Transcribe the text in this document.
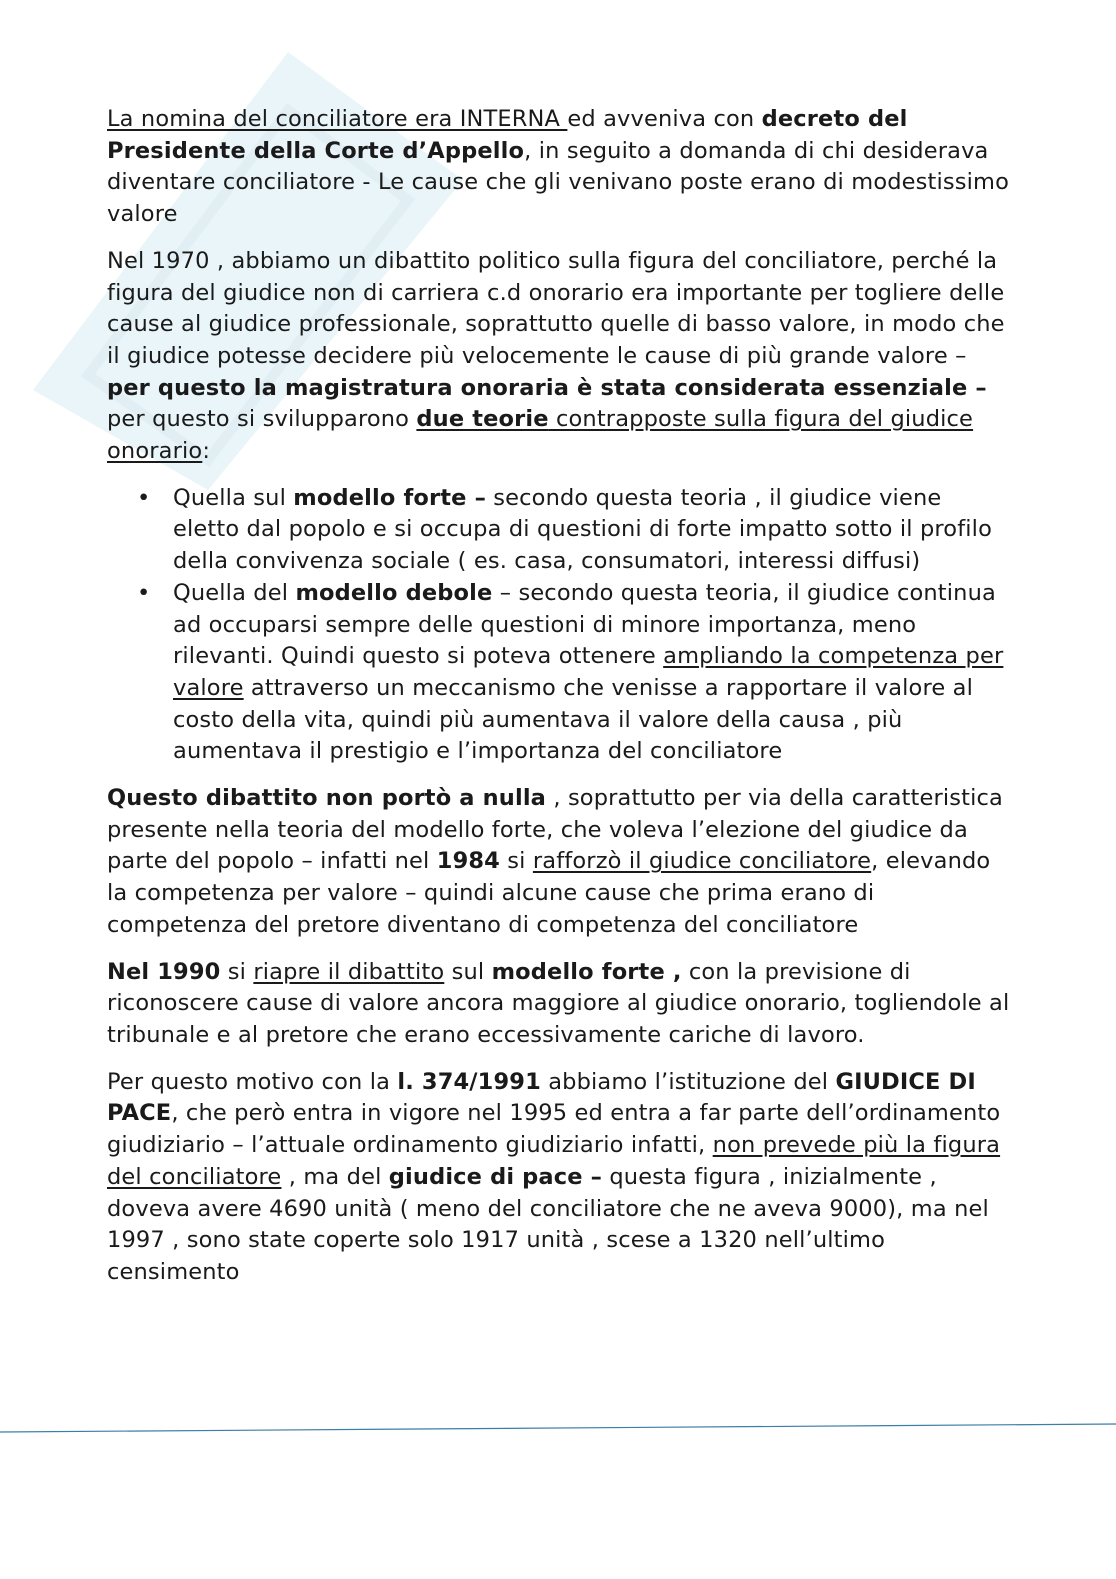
La nomina del conciliatore era INTERNA ed avveniva con decreto del Presidente della Corte d’Appello, in seguito a domanda di chi desiderava diventare conciliatore - Le cause che gli venivano poste erano di modestissimo valore

Nel 1970 , abbiamo un dibattito politico sulla figura del conciliatore, perché la figura del giudice non di carriera c.d onorario era importante per togliere delle cause al giudice professionale, soprattutto quelle di basso valore, in modo che il giudice potesse decidere più velocemente le cause di più grande valore – per questo la magistratura onoraria è stata considerata essenziale – per questo si svilupparono due teorie contrapposte sulla figura del giudice onorario:

• Quella sul modello forte – secondo questa teoria , il giudice viene eletto dal popolo e si occupa di questioni di forte impatto sotto il profilo della convivenza sociale ( es. casa, consumatori, interessi diffusi)
• Quella del modello debole – secondo questa teoria, il giudice continua ad occuparsi sempre delle questioni di minore importanza, meno rilevanti. Quindi questo si poteva ottenere ampliando la competenza per valore attraverso un meccanismo che venisse a rapportare il valore al costo della vita, quindi più aumentava il valore della causa , più aumentava il prestigio e l’importanza del conciliatore

Questo dibattito non portò a nulla , soprattutto per via della caratteristica presente nella teoria del modello forte, che voleva l’elezione del giudice da parte del popolo – infatti nel 1984 si rafforzò il giudice conciliatore, elevando la competenza per valore – quindi alcune cause che prima erano di competenza del pretore diventano di competenza del conciliatore

Nel 1990 si riapre il dibattito sul modello forte , con la previsione di riconoscere cause di valore ancora maggiore al giudice onorario, togliendole al tribunale e al pretore che erano eccessivamente cariche di lavoro.

Per questo motivo con la l. 374/1991 abbiamo l’istituzione del GIUDICE DI PACE, che però entra in vigore nel 1995 ed entra a far parte dell’ordinamento giudiziario – l’attuale ordinamento giudiziario infatti, non prevede più la figura del conciliatore , ma del giudice di pace – questa figura , inizialmente , doveva avere 4690 unità ( meno del conciliatore che ne aveva 9000), ma nel 1997 , sono state coperte solo 1917 unità , scese a 1320 nell’ultimo censimento
